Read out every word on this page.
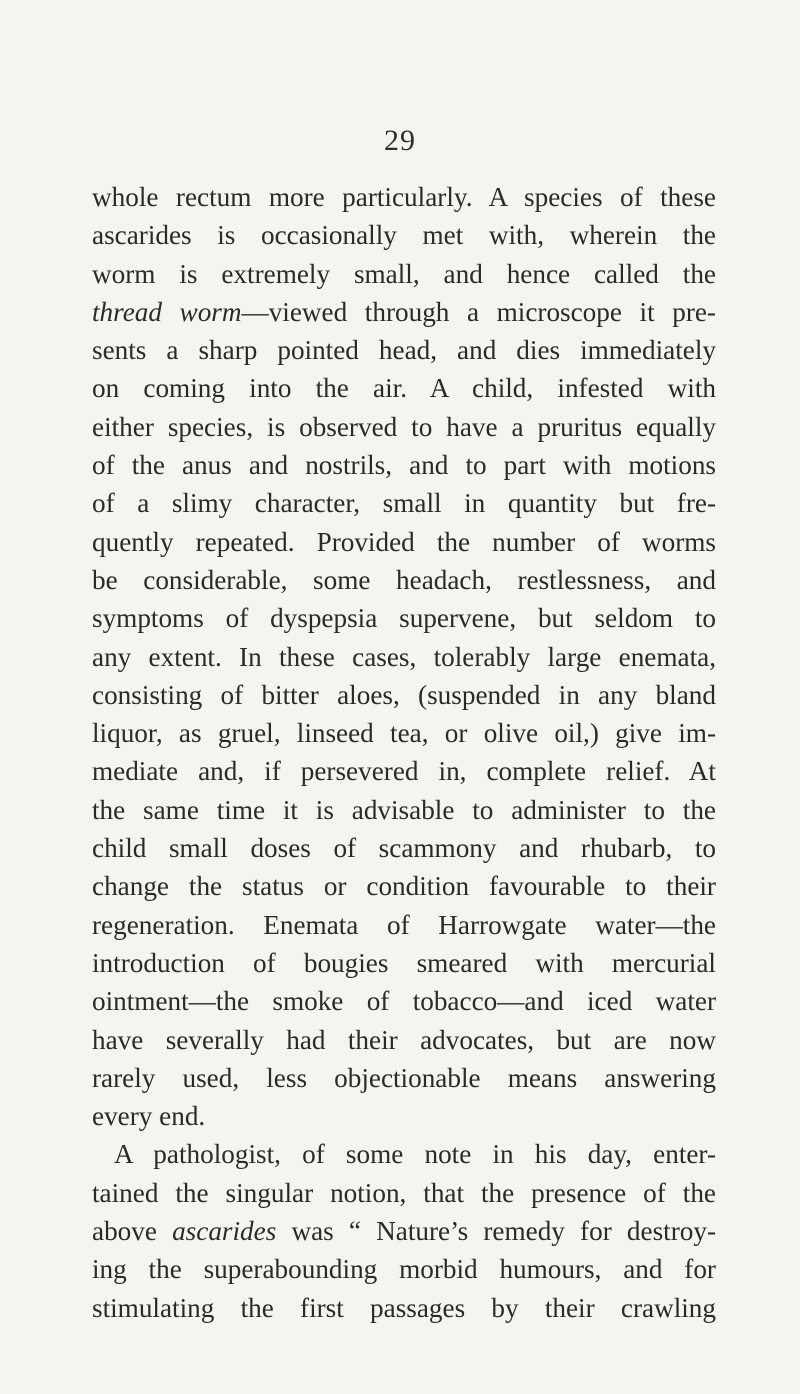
29
whole rectum more particularly. A species of these
ascarides is occasionally met with, wherein the
worm is extremely small, and hence called the
thread worm—viewed through a microscope it pre-
sents a sharp pointed head, and dies immediately
on coming into the air. A child, infested with
either species, is observed to have a pruritus equally
of the anus and nostrils, and to part with motions
of a slimy character, small in quantity but fre-
quently repeated. Provided the number of worms
be considerable, some headach, restlessness, and
symptoms of dyspepsia supervene, but seldom to
any extent. In these cases, tolerably large enemata,
consisting of bitter aloes, (suspended in any bland
liquor, as gruel, linseed tea, or olive oil,) give im-
mediate and, if persevered in, complete relief. At
the same time it is advisable to administer to the
child small doses of scammony and rhubarb, to
change the status or condition favourable to their
regeneration. Enemata of Harrowgate water—the
introduction of bougies smeared with mercurial
ointment—the smoke of tobacco—and iced water
have severally had their advocates, but are now
rarely used, less objectionable means answering
every end.
A pathologist, of some note in his day, enter-
tained the singular notion, that the presence of the
above ascarides was “ Nature’s remedy for destroy-
ing the superabounding morbid humours, and for
stimulating the first passages by their crawling
